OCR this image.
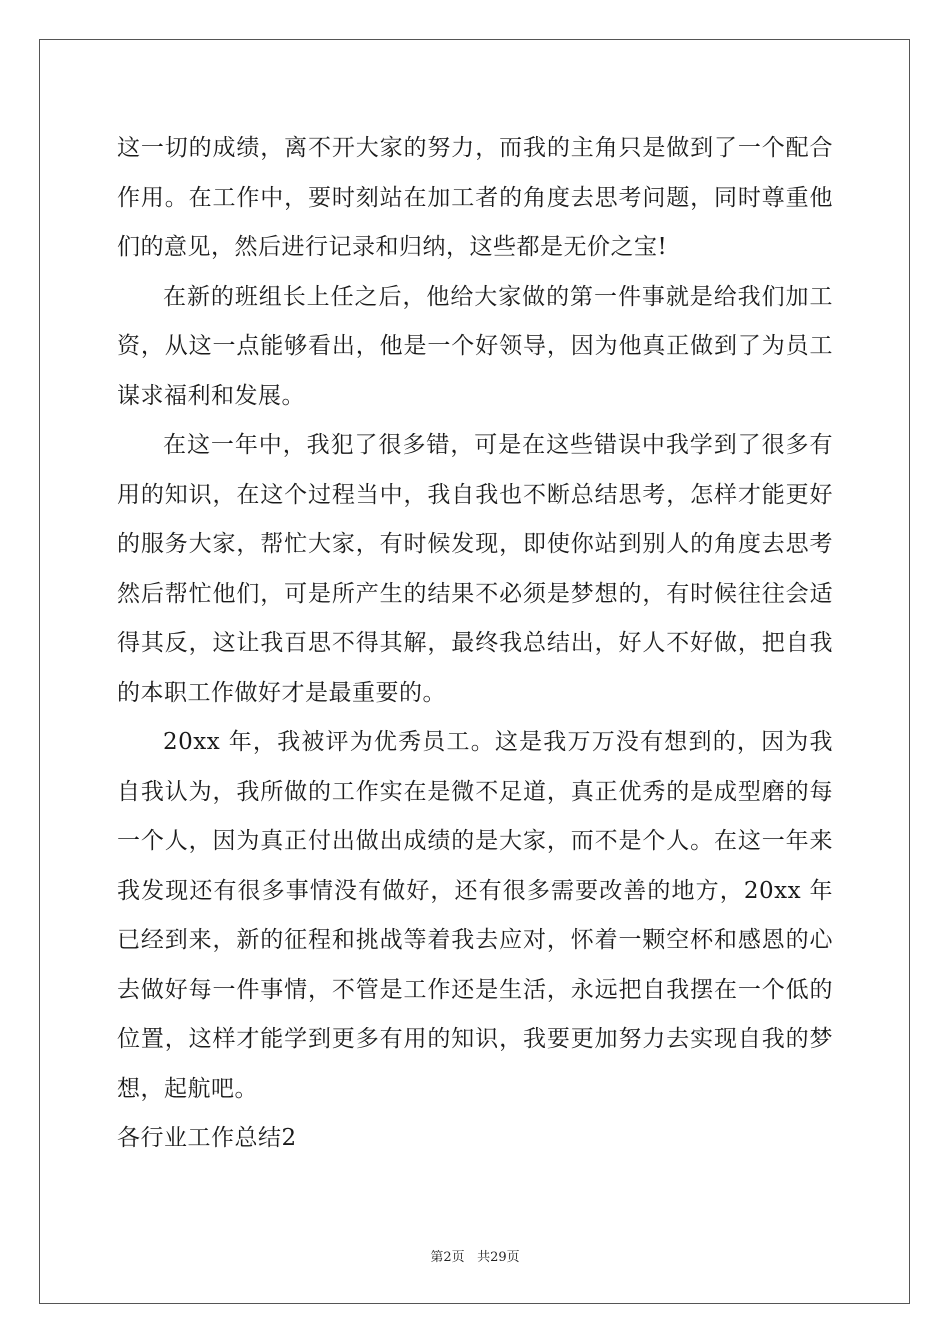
这一切的成绩，离不开大家的努力，而我的主角只是做到了一个配合作用。在工作中，要时刻站在加工者的角度去思考问题，同时尊重他们的意见，然后进行记录和归纳，这些都是无价之宝!

在新的班组长上任之后，他给大家做的第一件事就是给我们加工资，从这一点能够看出，他是一个好领导，因为他真正做到了为员工谋求福利和发展。

在这一年中，我犯了很多错，可是在这些错误中我学到了很多有用的知识，在这个过程当中，我自我也不断总结思考，怎样才能更好的服务大家，帮忙大家，有时候发现，即使你站到别人的角度去思考然后帮忙他们，可是所产生的结果不必须是梦想的，有时候往往会适得其反，这让我百思不得其解，最终我总结出，好人不好做，把自我的本职工作做好才是最重要的。

20xx 年，我被评为优秀员工。这是我万万没有想到的，因为我自我认为，我所做的工作实在是微不足道，真正优秀的是成型磨的每一个人，因为真正付出做出成绩的是大家，而不是个人。在这一年来我发现还有很多事情没有做好，还有很多需要改善的地方，20xx 年已经到来，新的征程和挑战等着我去应对，怀着一颗空杯和感恩的心去做好每一件事情，不管是工作还是生活，永远把自我摆在一个低的位置，这样才能学到更多有用的知识，我要更加努力去实现自我的梦想，起航吧。

各行业工作总结2

第2页 共29页
